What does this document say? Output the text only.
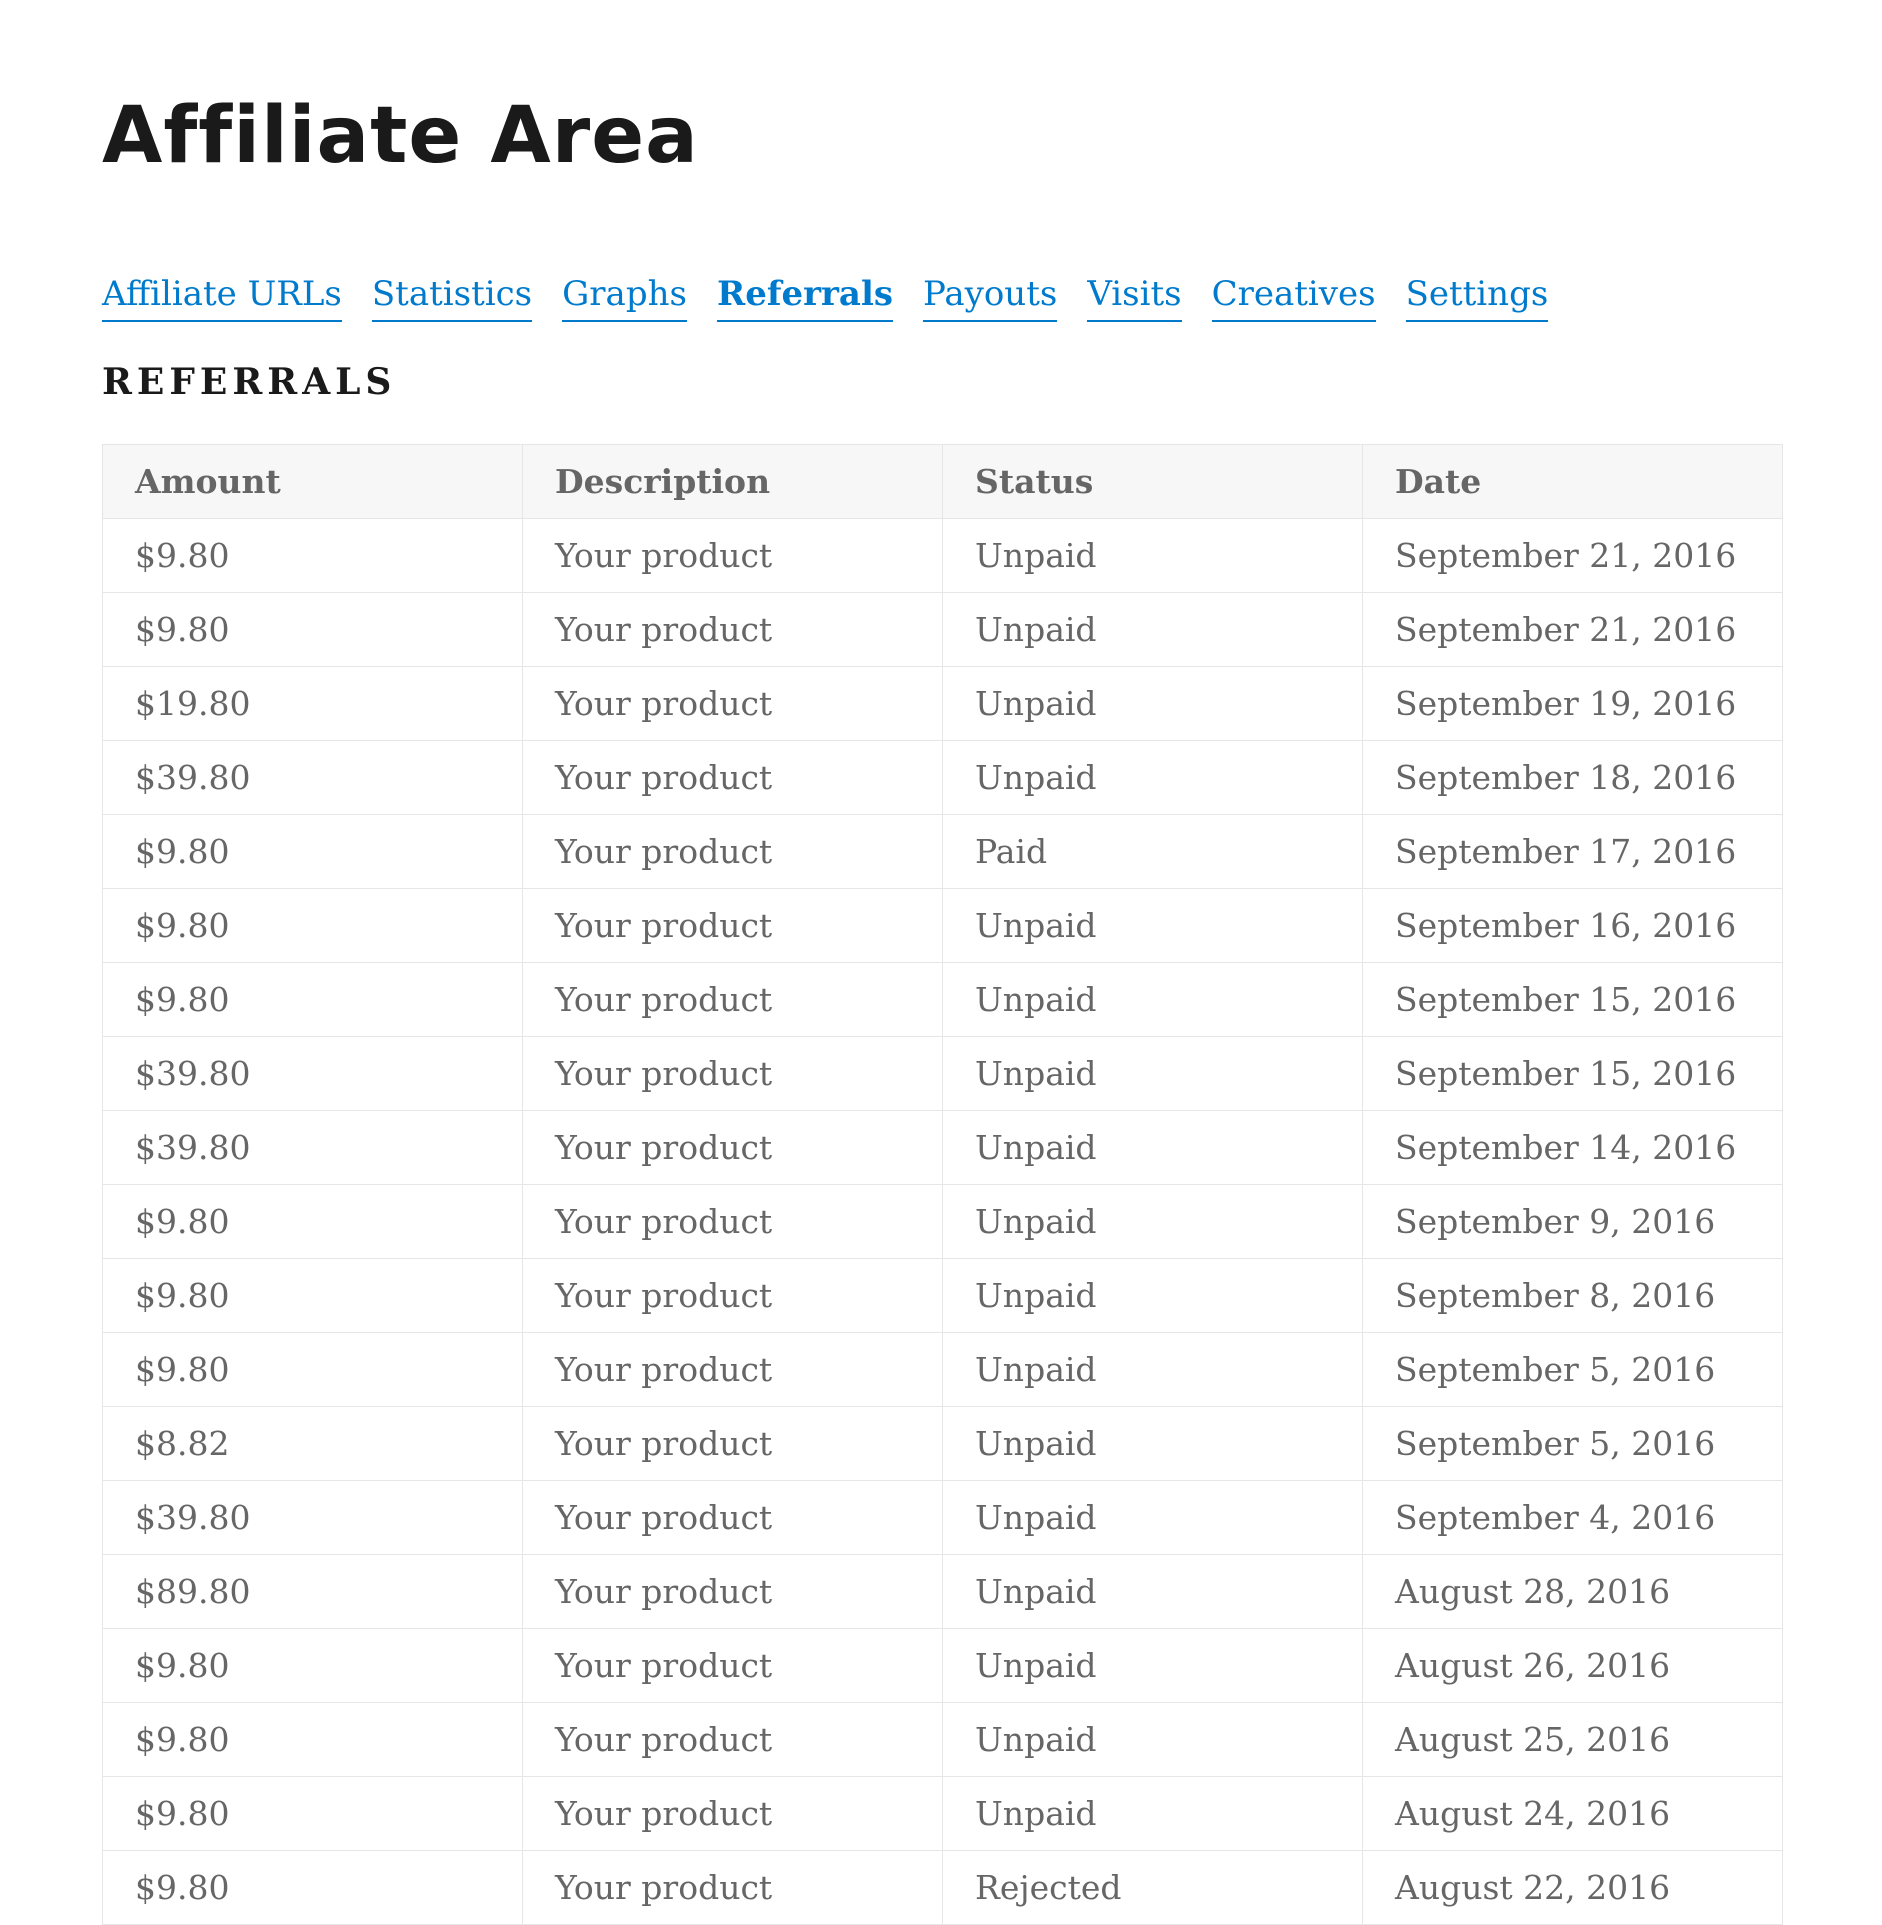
Affiliate Area
Affiliate URLs Statistics Graphs Referrals Payouts Visits Creatives Settings
REFERRALS
Amount	Description	Status	Date
$9.80	Your product	Unpaid	September 21, 2016
$9.80	Your product	Unpaid	September 21, 2016
$19.80	Your product	Unpaid	September 19, 2016
$39.80	Your product	Unpaid	September 18, 2016
$9.80	Your product	Paid	September 17, 2016
$9.80	Your product	Unpaid	September 16, 2016
$9.80	Your product	Unpaid	September 15, 2016
$39.80	Your product	Unpaid	September 15, 2016
$39.80	Your product	Unpaid	September 14, 2016
$9.80	Your product	Unpaid	September 9, 2016
$9.80	Your product	Unpaid	September 8, 2016
$9.80	Your product	Unpaid	September 5, 2016
$8.82	Your product	Unpaid	September 5, 2016
$39.80	Your product	Unpaid	September 4, 2016
$89.80	Your product	Unpaid	August 28, 2016
$9.80	Your product	Unpaid	August 26, 2016
$9.80	Your product	Unpaid	August 25, 2016
$9.80	Your product	Unpaid	August 24, 2016
$9.80	Your product	Rejected	August 22, 2016
